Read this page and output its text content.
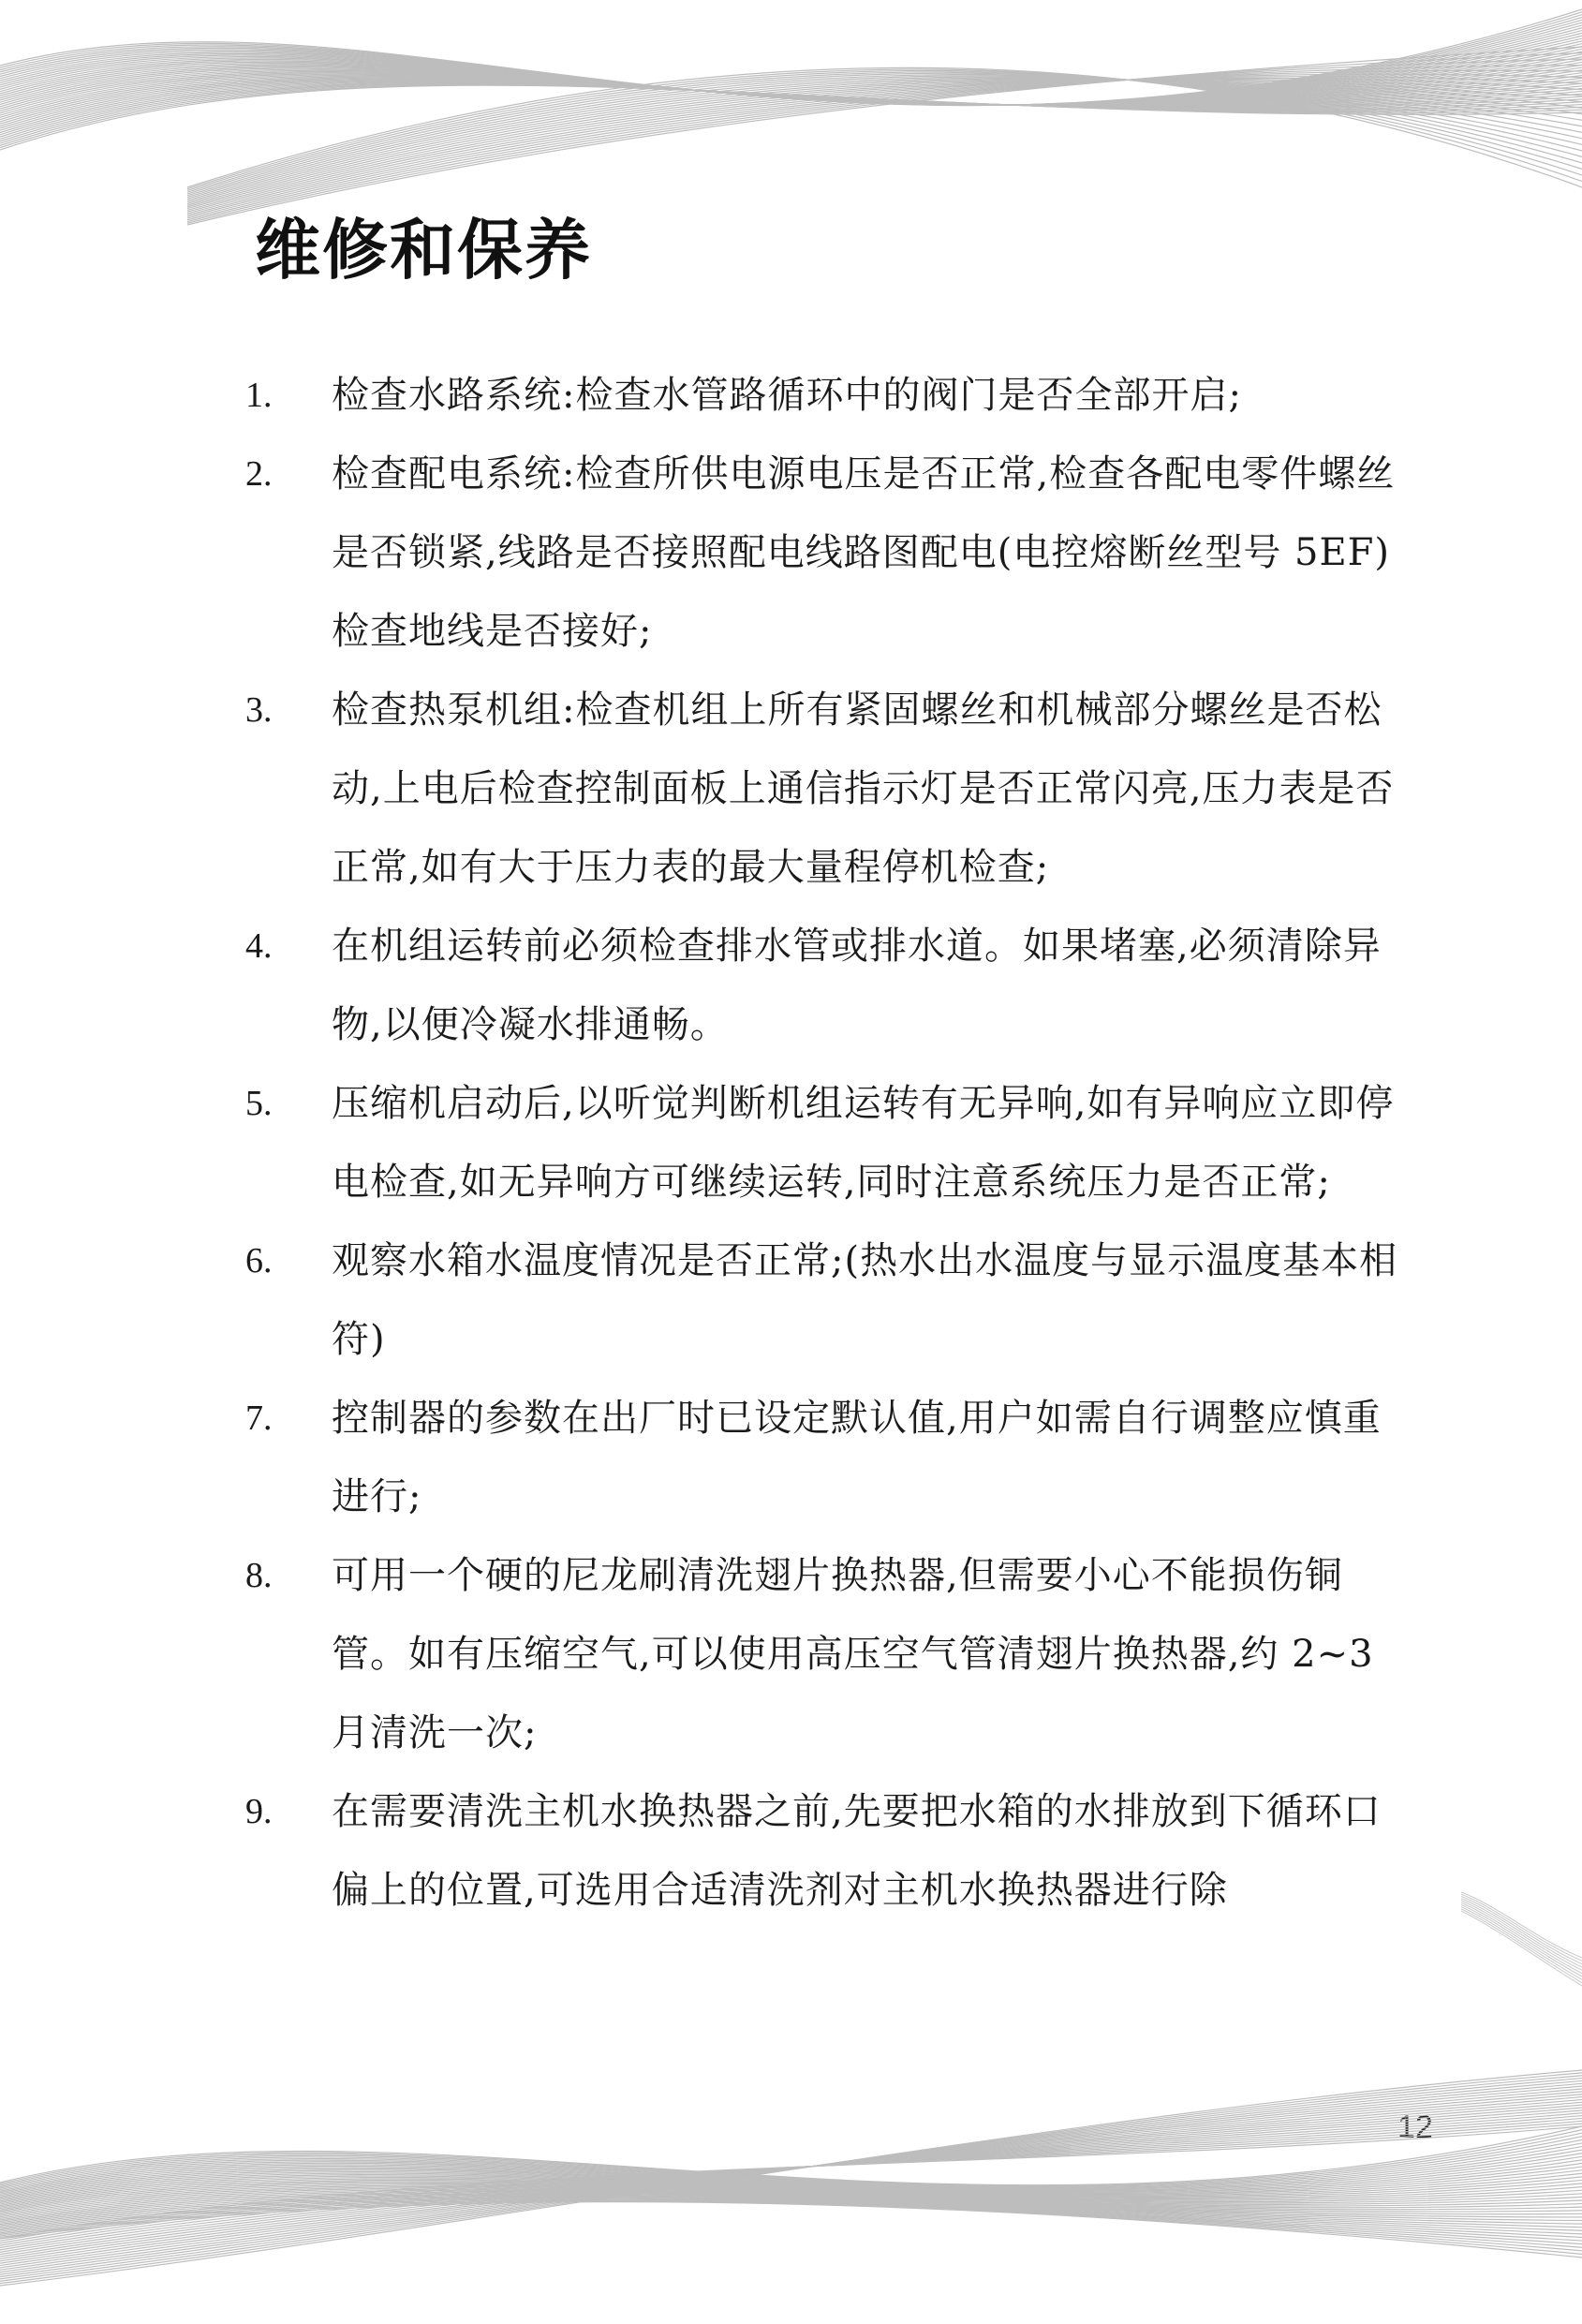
维修和保养
1.	检查水路系统:检查水管路循环中的阀门是否全部开启;
2.	检查配电系统:检查所供电源电压是否正常,检查各配电零件螺丝是否锁紧,线路是否接照配电线路图配电(电控熔断丝型号 5EF)检查地线是否接好;
3.	检查热泵机组:检查机组上所有紧固螺丝和机械部分螺丝是否松动,上电后检查控制面板上通信指示灯是否正常闪亮,压力表是否正常,如有大于压力表的最大量程停机检查;
4.	在机组运转前必须检查排水管或排水道。如果堵塞,必须清除异物,以便冷凝水排通畅。
5.	压缩机启动后,以听觉判断机组运转有无异响,如有异响应立即停电检查,如无异响方可继续运转,同时注意系统压力是否正常;
6.	观察水箱水温度情况是否正常;(热水出水温度与显示温度基本相符)
7.	控制器的参数在出厂时已设定默认值,用户如需自行调整应慎重进行;
8.	可用一个硬的尼龙刷清洗翅片换热器,但需要小心不能损伤铜管。如有压缩空气,可以使用高压空气管清翅片换热器,约 2~3 月清洗一次;
9.	在需要清洗主机水换热器之前,先要把水箱的水排放到下循环口偏上的位置,可选用合适清洗剂对主机水换热器进行除
12
